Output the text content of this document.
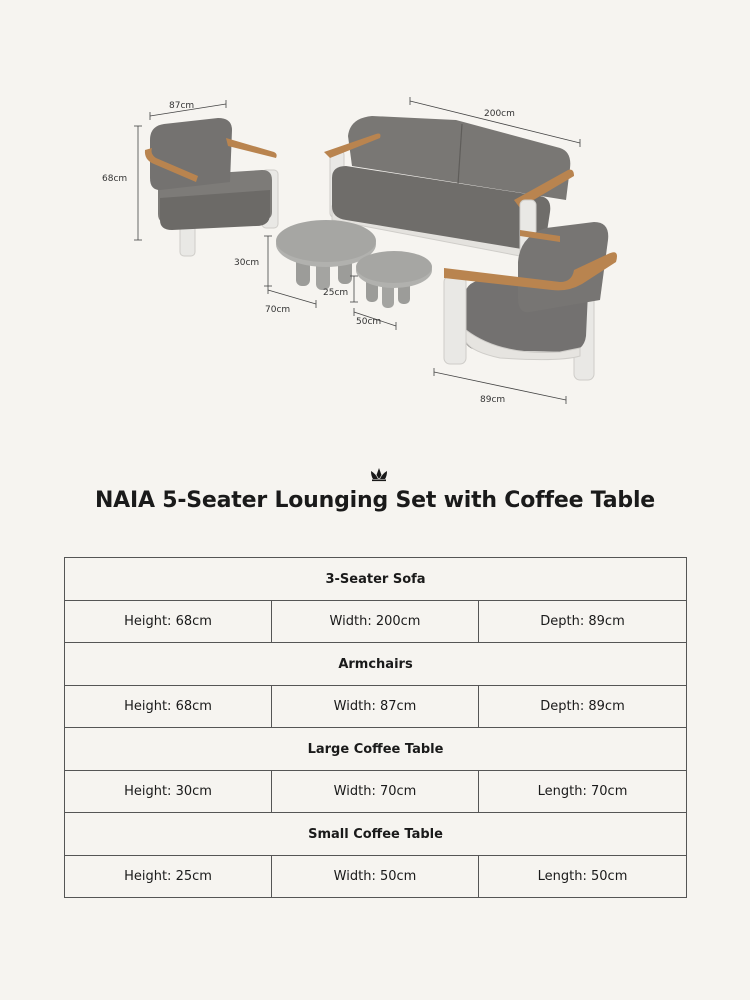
87cm
68cm
200cm
30cm
70cm
25cm
50cm
89cm
NAIA 5-Seater Lounging Set with Coffee Table
3-Seater Sofa		
Height: 68cm	Width: 200cm	Depth: 89cm
Armchairs		
Height: 68cm	Width: 87cm	Depth: 89cm
Large Coffee Table		
Height: 30cm	Width: 70cm	Length: 70cm
Small Coffee Table		
Height: 25cm	Width: 50cm	Length: 50cm
